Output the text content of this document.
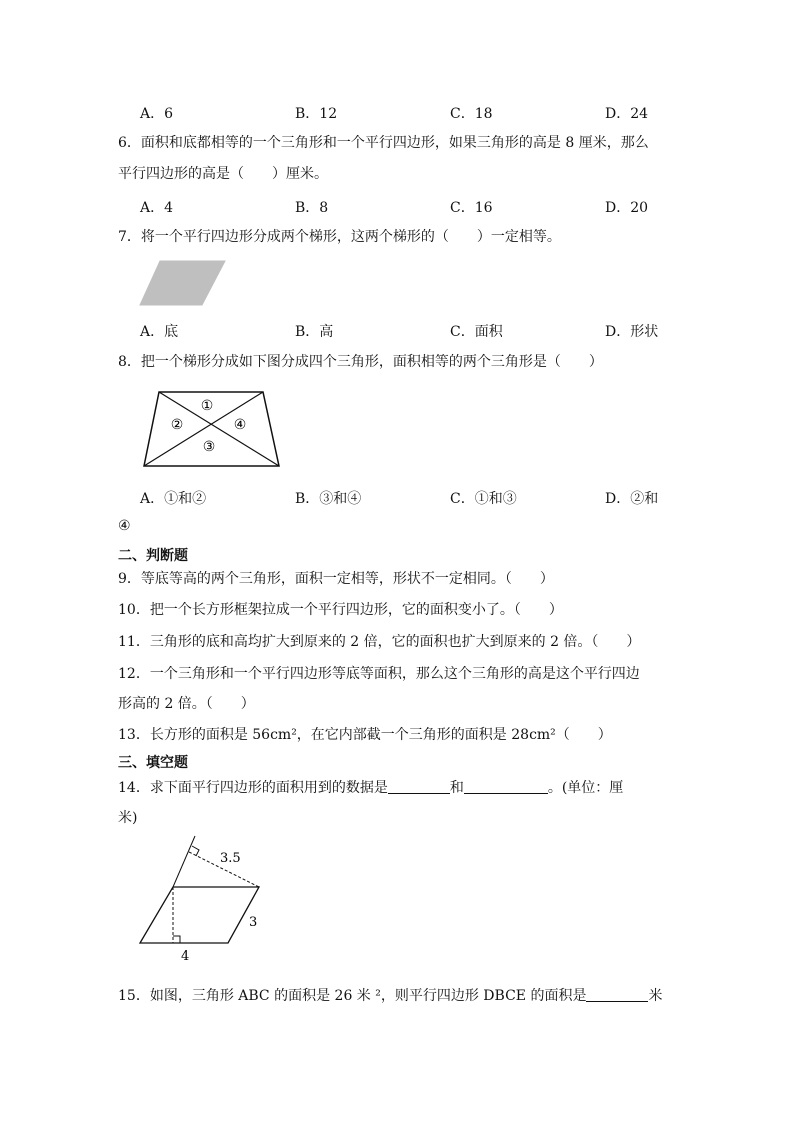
A．6	B．12	C．18	D．24
6．面积和底都相等的一个三角形和一个平行四边形，如果三角形的高是 8 厘米，那么
平行四边形的高是（　　）厘米。
A．4	B．8	C．16	D．20
7．将一个平行四边形分成两个梯形，这两个梯形的（　　）一定相等。
A．底	B．高	C．面积	D．形状
8．把一个梯形分成如下图分成四个三角形，面积相等的两个三角形是（　　）
①
②
③
④
A．①和②	B．③和④	C．①和③	D．②和
④
二、判断题
9．等底等高的两个三角形，面积一定相等，形状不一定相同。（　　）
10．把一个长方形框架拉成一个平行四边形，它的面积变小了。（　　）
11．三角形的底和高均扩大到原来的 2 倍，它的面积也扩大到原来的 2 倍。（　　）
12．一个三角形和一个平行四边形等底等面积，那么这个三角形的高是这个平行四边
形高的 2 倍。（　　）
13．长方形的面积是 56cm²，在它内部截一个三角形的面积是 28cm²（　　）
三、填空题
14．求下面平行四边形的面积用到的数据是	和	。(单位：厘
米)
3.5
3
4
15．如图，三角形 ABC 的面积是 26 米 ²，则平行四边形 DBCE 的面积是	米
